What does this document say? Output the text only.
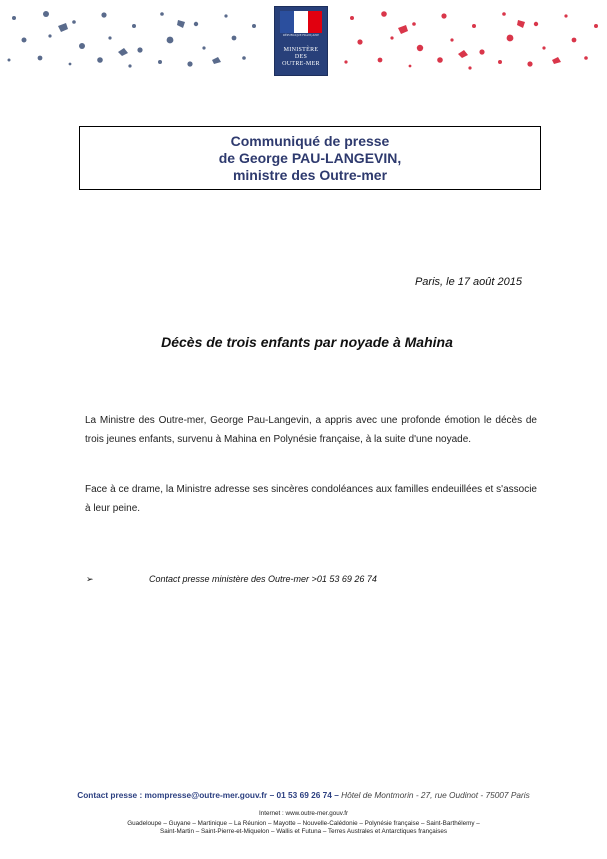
RÉPUBLIQUE FRANÇAISE
MINISTÈRE
DES
OUTRE-MER
Communiqué de presse
de George PAU-LANGEVIN,
ministre des Outre-mer
Paris, le 17 août 2015
Décès de trois enfants par noyade à Mahina
La Ministre des Outre-mer, George Pau-Langevin, a appris avec une profonde émotion le décès de trois jeunes enfants, survenu à Mahina en Polynésie française, à la suite d'une noyade.
Face à ce drame, la Ministre adresse ses sincères condoléances aux familles endeuillées et s'associe à leur peine.
➢	Contact presse ministère des Outre-mer >01 53 69 26 74
Contact presse : mompresse@outre-mer.gouv.fr – 01 53 69 26 74 – Hôtel de Montmorin - 27, rue Oudinot - 75007 Paris
Internet : www.outre-mer.gouv.fr
Guadeloupe – Guyane – Martinique – La Réunion – Mayotte – Nouvelle-Calédonie – Polynésie française – Saint-Barthélemy –
Saint-Martin – Saint-Pierre-et-Miquelon – Wallis et Futuna – Terres Australes et Antarctiques françaises
